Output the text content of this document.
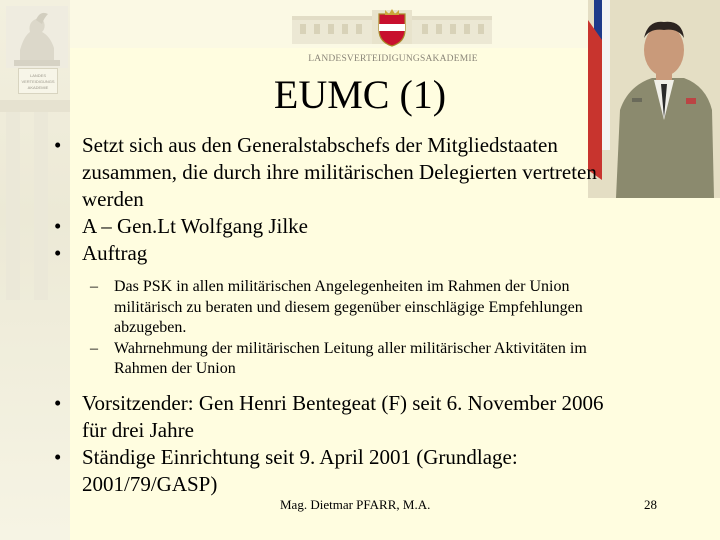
LANDES VERTEIDIGUNGS AKADEMIE
LANDESVERTEIDIGUNGSAKADEMIE
EUMC (1)
• Setzt sich aus den Generalstabschefs der Mitgliedstaaten zusammen, die durch ihre militärischen Delegierten vertreten werden
• A – Gen.Lt Wolfgang Jilke
• Auftrag
– Das PSK in allen militärischen Angelegenheiten im Rahmen der Union militärisch zu beraten und diesem gegenüber einschlägige Empfehlungen abzugeben.
– Wahrnehmung der militärischen Leitung aller militärischer Aktivitäten im Rahmen der Union
• Vorsitzender: Gen Henri Bentegeat (F) seit 6. November 2006 für drei Jahre
• Ständige Einrichtung seit 9. April 2001 (Grundlage: 2001/79/GASP)
Mag. Dietmar PFARR, M.A.	28
